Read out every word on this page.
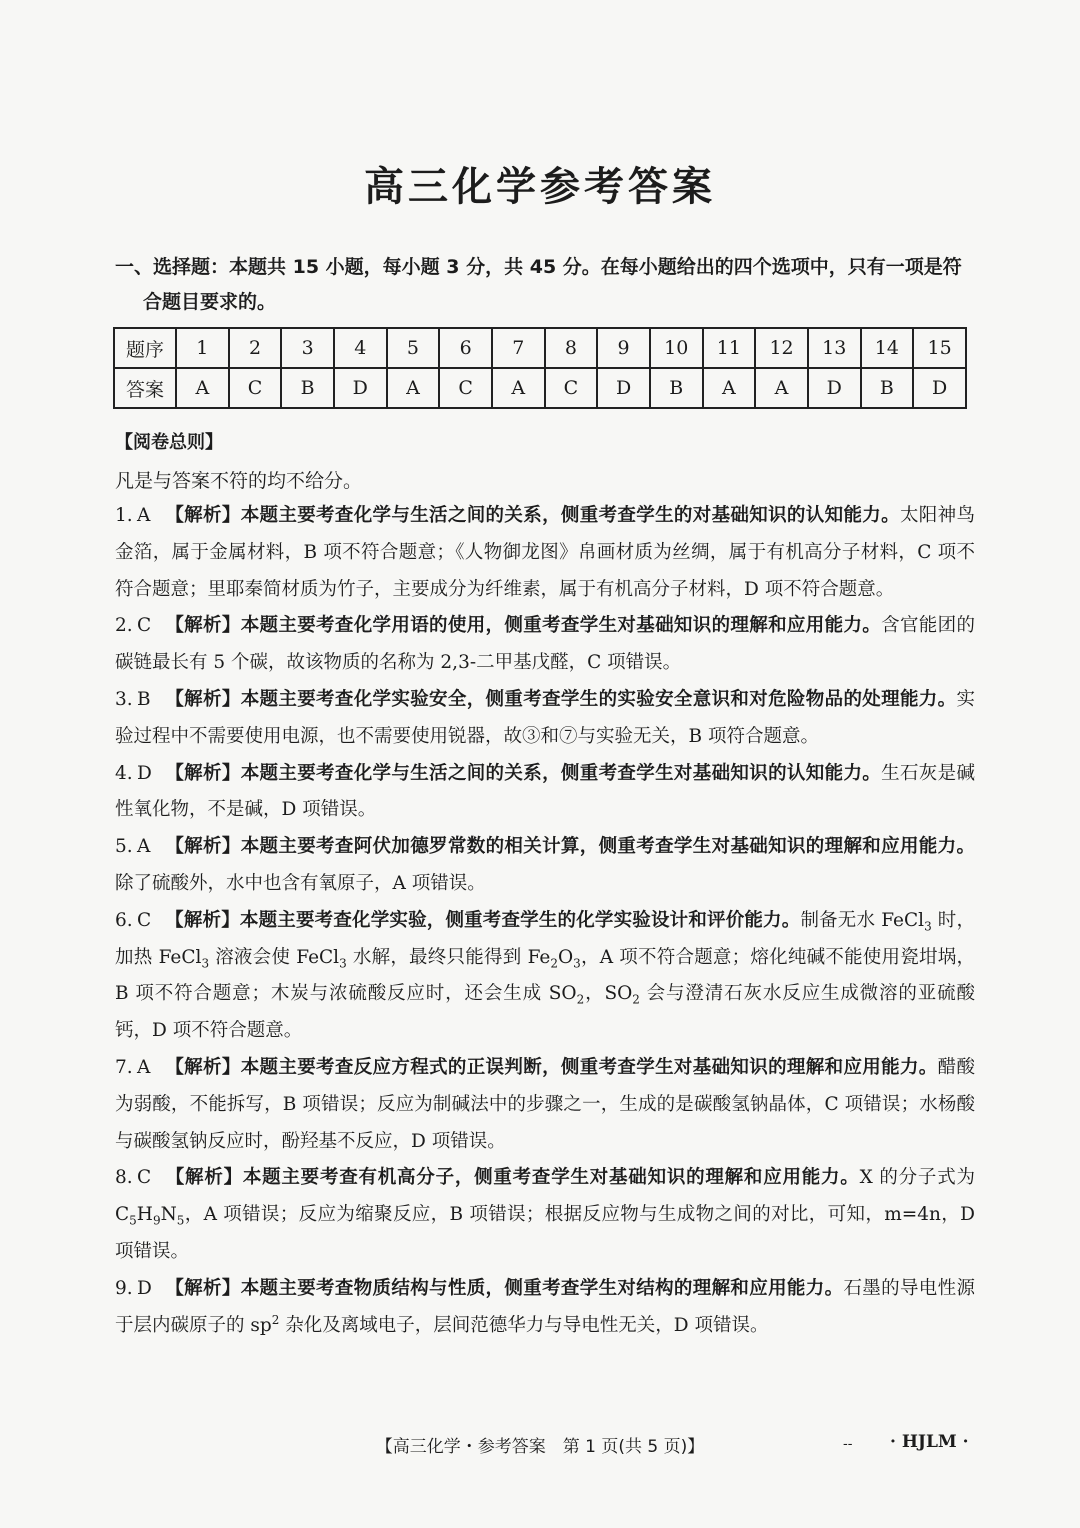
高三化学参考答案
一、选择题：本题共 15 小题，每小题 3 分，共 45 分。在每小题给出的四个选项中，只有一项是符
合题目要求的。
题序	1	2	3	4	5	6	7	8	9	10	11	12	13	14	15
答案	A	C	B	D	A	C	A	C	D	B	A	A	D	B	D
【阅卷总则】
凡是与答案不符的均不给分。
1. A 【解析】本题主要考查化学与生活之间的关系，侧重考查学生的对基础知识的认知能力。太阳神鸟金箔，属于金属材料，B 项不符合题意；《人物御龙图》帛画材质为丝绸，属于有机高分子材料，C 项不符合题意；里耶秦简材质为竹子，主要成分为纤维素，属于有机高分子材料，D 项不符合题意。
2. C 【解析】本题主要考查化学用语的使用，侧重考查学生对基础知识的理解和应用能力。含官能团的碳链最长有 5 个碳，故该物质的名称为 2,3-二甲基戊醛，C 项错误。
3. B 【解析】本题主要考查化学实验安全，侧重考查学生的实验安全意识和对危险物品的处理能力。实验过程中不需要使用电源，也不需要使用锐器，故③和⑦与实验无关，B 项符合题意。
4. D 【解析】本题主要考查化学与生活之间的关系，侧重考查学生对基础知识的认知能力。生石灰是碱性氧化物，不是碱，D 项错误。
5. A 【解析】本题主要考查阿伏加德罗常数的相关计算，侧重考查学生对基础知识的理解和应用能力。除了硫酸外，水中也含有氧原子，A 项错误。
6. C 【解析】本题主要考查化学实验，侧重考查学生的化学实验设计和评价能力。制备无水 FeCl$_3$ 时，加热 FeCl$_3$ 溶液会使 FeCl$_3$ 水解，最终只能得到 $Fe_2O_3$，A 项不符合题意；熔化纯碱不能使用瓷坩埚，B 项不符合题意；木炭与浓硫酸反应时，还会生成 $SO_2$，$SO_2$ 会与澄清石灰水反应生成微溶的亚硫酸钙，D 项不符合题意。
7. A 【解析】本题主要考查反应方程式的正误判断，侧重考查学生对基础知识的理解和应用能力。醋酸为弱酸，不能拆写，B 项错误；反应为制碱法中的步骤之一，生成的是碳酸氢钠晶体，C 项错误；水杨酸与碳酸氢钠反应时，酚羟基不反应，D 项错误。
8. C 【解析】本题主要考查有机高分子，侧重考查学生对基础知识的理解和应用能力。X 的分子式为 $C_5H_9N_5$，A 项错误；反应为缩聚反应，B 项错误；根据反应物与生成物之间的对比，可知，m=4n，D 项错误。
9. D 【解析】本题主要考查物质结构与性质，侧重考查学生对结构的理解和应用能力。石墨的导电性源于层内碳原子的 $sp^2$ 杂化及离域电子，层间范德华力与导电性无关，D 项错误。
【高三化学・参考答案　第 1 页(共 5 页)】	-- · HJLM ·
